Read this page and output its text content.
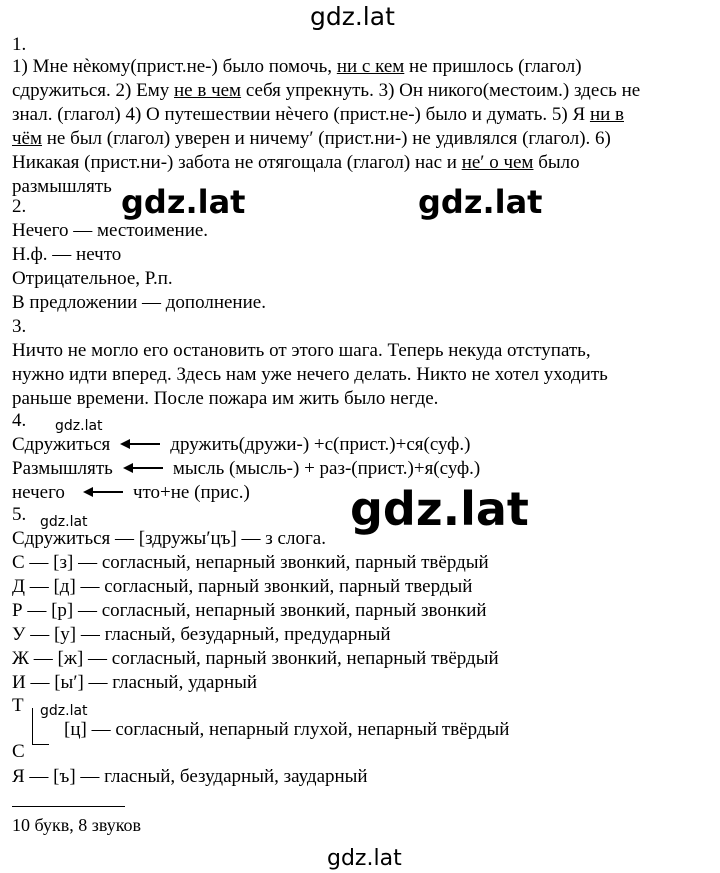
gdz.lat
1.
1) Мне нѐкому(прист.не-) было помочь, ни с кем не пришлось (глагол)
сдружиться. 2) Ему не в чем себя упрекнуть. 3) Он никого(местоим.) здесь не
знал. (глагол) 4) О путешествии нѐчего (прист.не-) было и думать. 5) Я ни в
чём не был (глагол) уверен и ничему′ (прист.ни-) не удивлялся (глагол). 6)
Никакая (прист.ни-) забота не отягощала (глагол) нас и не′ о чем было
размышлять gdz.lat	gdz.lat
2.
Нечего — местоимение.
Н.ф. — нечто
Отрицательное, Р.п.
В предложении — дополнение.
3.
Ничто не могло его остановить от этого шага. Теперь некуда отступать,
нужно идти вперед. Здесь нам уже нечего делать. Никто не хотел уходить
раньше времени. После пожара им жить было негде.
4. gdz.lat
Сдружиться	дружить(дружи-) +с(прист.)+ся(суф.)
Размышлять	мысль (мысль-) + раз-(прист.)+я(суф.)
нечего	что+не (прис.) gdz.lat
5. gdz.lat
Сдружиться — [здружы′цъ] — з слога.
С — [з] — согласный, непарный звонкий, парный твёрдый
Д — [д] — согласный, парный звонкий, парный твердый
Р — [р] — согласный, непарный звонкий, парный звонкий
У — [у] — гласный, безударный, предударный
Ж — [ж] — согласный, парный звонкий, непарный твёрдый
И — [ы′] — гласный, ударный
Т gdz.lat
[ц] — согласный, непарный глухой, непарный твёрдый
С
Я — [ъ] — гласный, безударный, заударный
10 букв, 8 звуков
gdz.lat
